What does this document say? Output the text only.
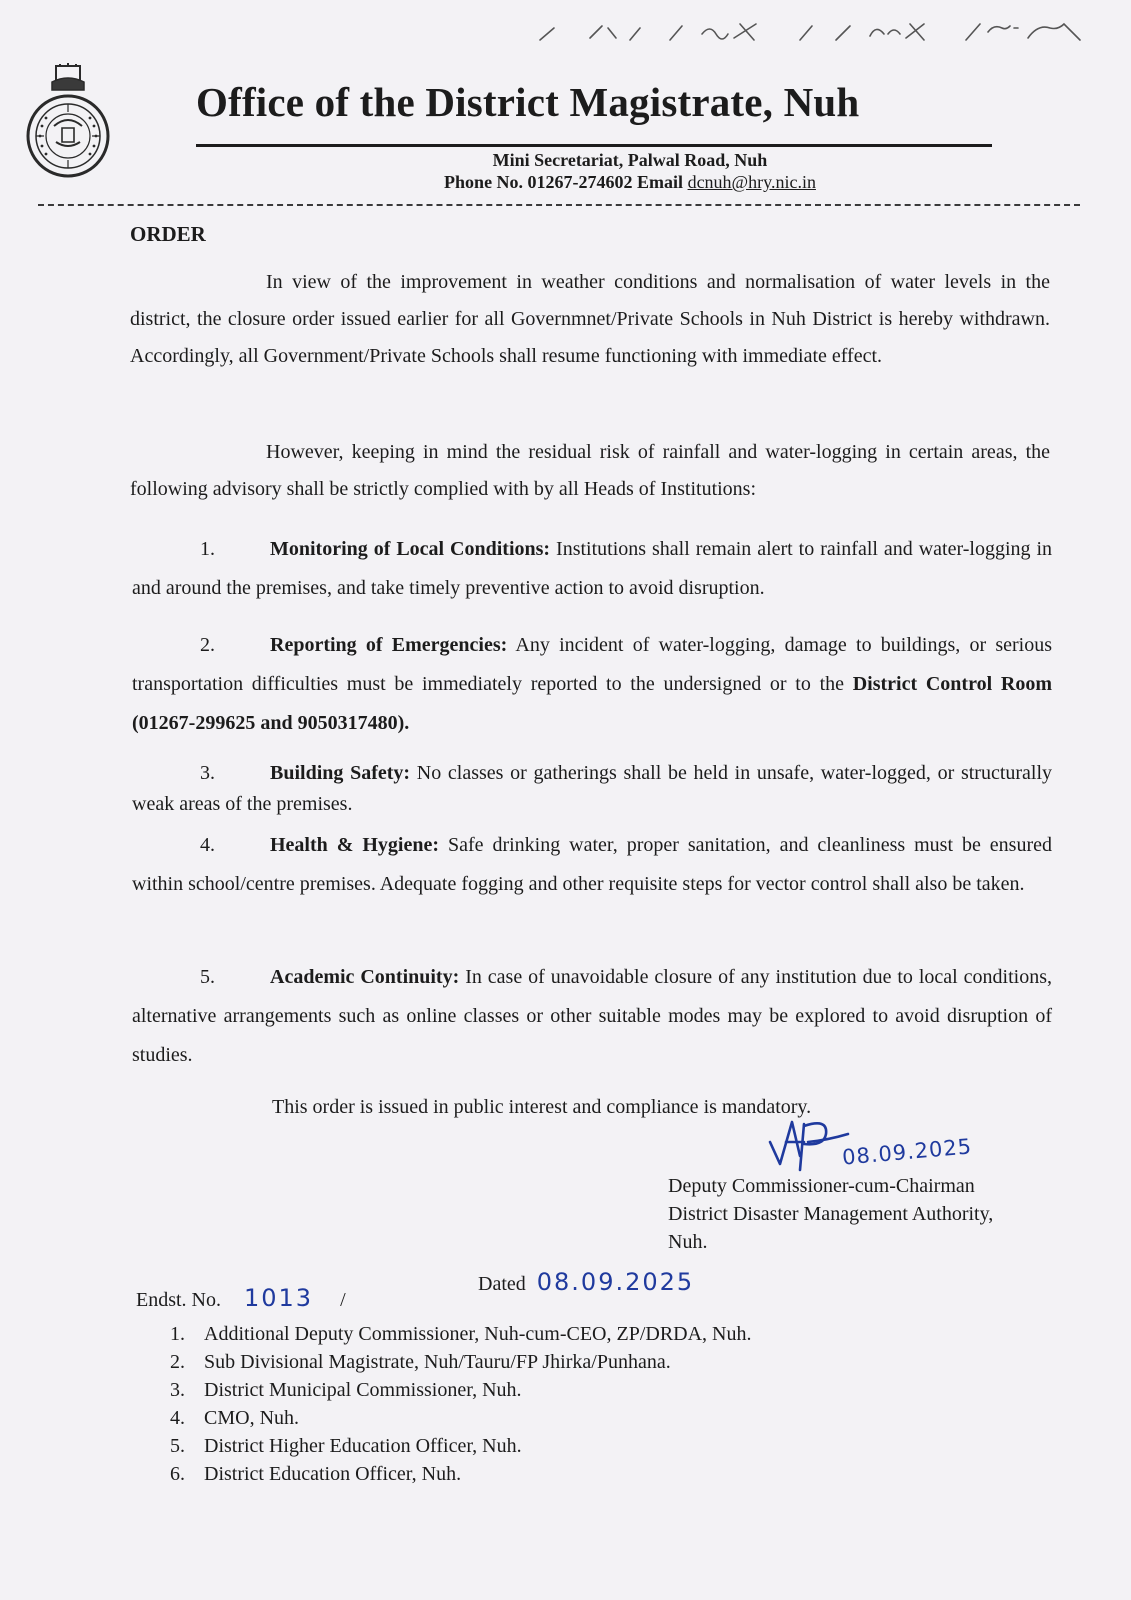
Office of the District Magistrate, Nuh
Mini Secretariat, Palwal Road, Nuh
Phone No. 01267-274602 Email dcnuh@hry.nic.in
ORDER
In view of the improvement in weather conditions and normalisation of water levels in the district, the closure order issued earlier for all Governmnet/Private Schools in Nuh District is hereby withdrawn. Accordingly, all Government/Private Schools shall resume functioning with immediate effect.
However, keeping in mind the residual risk of rainfall and water-logging in certain areas, the following advisory shall be strictly complied with by all Heads of Institutions:
1.	Monitoring of Local Conditions: Institutions shall remain alert to rainfall and water-logging in and around the premises, and take timely preventive action to avoid disruption.
2.	Reporting of Emergencies: Any incident of water-logging, damage to buildings, or serious transportation difficulties must be immediately reported to the undersigned or to the District Control Room (01267-299625 and 9050317480).
3.	Building Safety: No classes or gatherings shall be held in unsafe, water-logged, or structurally weak areas of the premises.
4.	Health & Hygiene: Safe drinking water, proper sanitation, and cleanliness must be ensured within school/centre premises. Adequate fogging and other requisite steps for vector control shall also be taken.
5.	Academic Continuity: In case of unavoidable closure of any institution due to local conditions, alternative arrangements such as online classes or other suitable modes may be explored to avoid disruption of studies.
This order is issued in public interest and compliance is mandatory.
08.09.2025
Deputy Commissioner-cum-Chairman
District Disaster Management Authority,
Nuh.
Endst. No. 1013 /
Dated 08.09.2025
1. Additional Deputy Commissioner, Nuh-cum-CEO, ZP/DRDA, Nuh.
2. Sub Divisional Magistrate, Nuh/Tauru/FP Jhirka/Punhana.
3. District Municipal Commissioner, Nuh.
4. CMO, Nuh.
5. District Higher Education Officer, Nuh.
6. District Education Officer, Nuh.
